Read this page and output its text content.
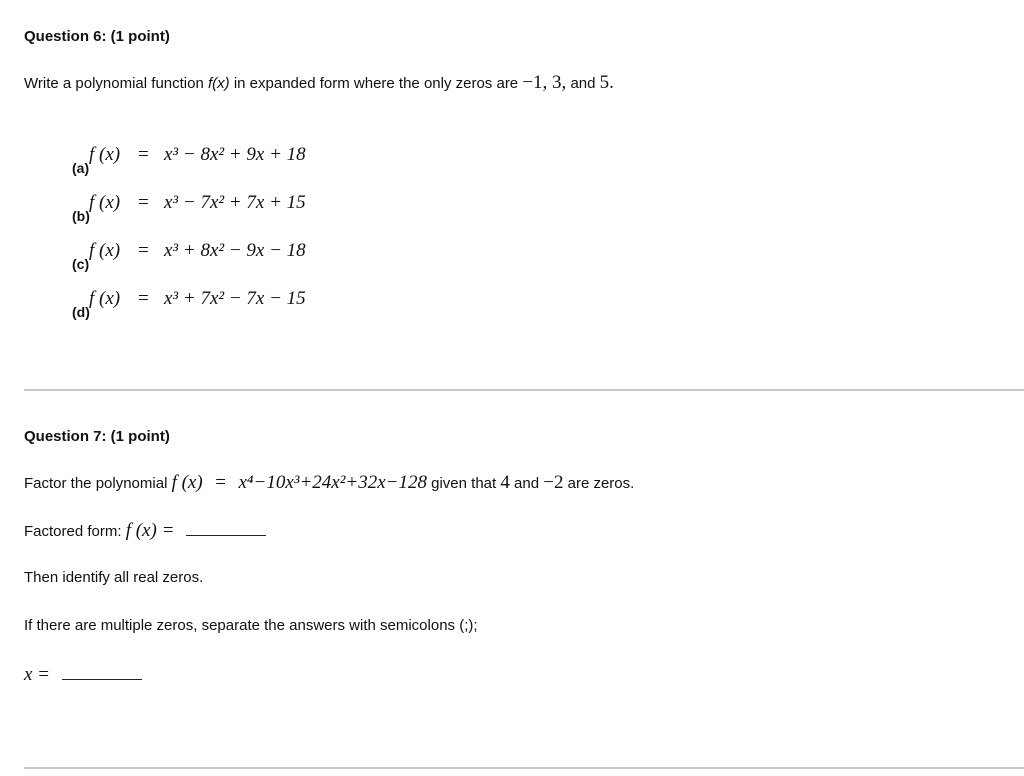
Question 6: (1 point)
Write a polynomial function f(x) in expanded form where the only zeros are −1, 3, and 5.
(a)
f (x) = x³ − 8x² + 9x + 18
(b)
f (x) = x³ − 7x² + 7x + 15
(c)
f (x) = x³ + 8x² − 9x − 18
(d)
f (x) = x³ + 7x² − 7x − 15
Question 7: (1 point)
Factor the polynomial f (x) = x⁴−10x³+24x²+32x−128 given that 4 and −2 are zeros.
Factored form: f (x) =
Then identify all real zeros.
If there are multiple zeros, separate the answers with semicolons (;);
x =
